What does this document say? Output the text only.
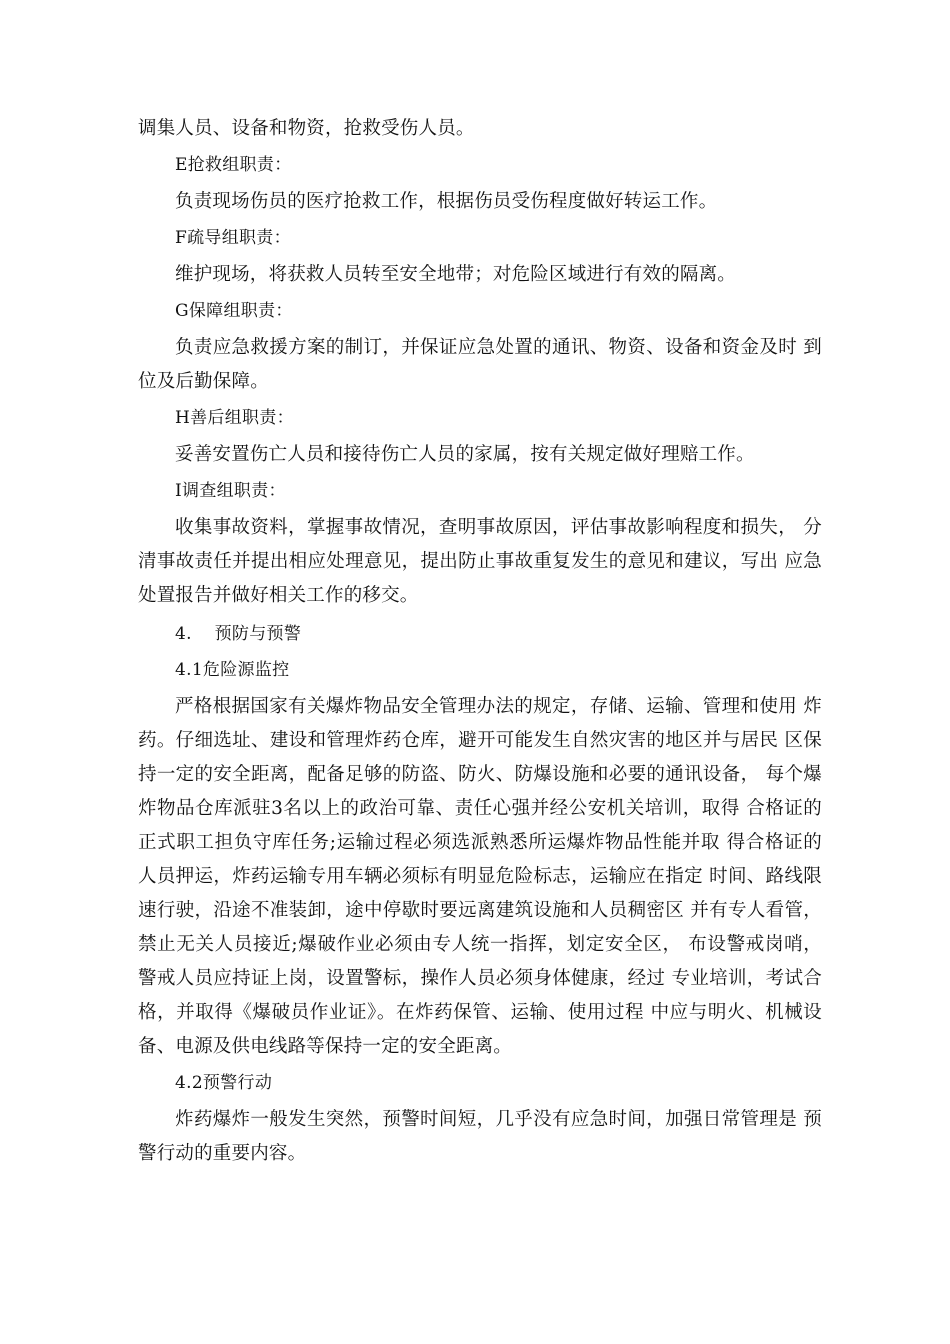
调集人员、设备和物资，抢救受伤人员。

E抢救组职责：

负责现场伤员的医疗抢救工作，根据伤员受伤程度做好转运工作。

F疏导组职责：

维护现场，将获救人员转至安全地带；对危险区域进行有效的隔离。

G保障组职责：

负责应急救援方案的制订，并保证应急处置的通讯、物资、设备和资金及时 到位及后勤保障。

H善后组职责：

妥善安置伤亡人员和接待伤亡人员的家属，按有关规定做好理赔工作。

I调查组职责：

收集事故资料，掌握事故情况，查明事故原因，评估事故影响程度和损失， 分清事故责任并提出相应处理意见，提出防止事故重复发生的意见和建议，写出 应急处置报告并做好相关工作的移交。

4.    预防与预警

4.1危险源监控

严格根据国家有关爆炸物品安全管理办法的规定，存储、运输、管理和使用 炸药。仔细选址、建设和管理炸药仓库，避开可能发生自然灾害的地区并与居民 区保持一定的安全距离，配备足够的防盗、防火、防爆设施和必要的通讯设备， 每个爆炸物品仓库派驻3名以上的政治可靠、责任心强并经公安机关培训，取得 合格证的正式职工担负守库任务;运输过程必须选派熟悉所运爆炸物品性能并取 得合格证的人员押运，炸药运输专用车辆必须标有明显危险标志，运输应在指定 时间、路线限速行驶，沿途不准装卸，途中停歇时要远离建筑设施和人员稠密区 并有专人看管，禁止无关人员接近;爆破作业必须由专人统一指挥，划定安全区， 布设警戒岗哨，警戒人员应持证上岗，设置警标，操作人员必须身体健康，经过 专业培训，考试合格，并取得《爆破员作业证》。在炸药保管、运输、使用过程 中应与明火、机械设备、电源及供电线路等保持一定的安全距离。

4.2预警行动

炸药爆炸一般发生突然，预警时间短，几乎没有应急时间，加强日常管理是 预警行动的重要内容。
